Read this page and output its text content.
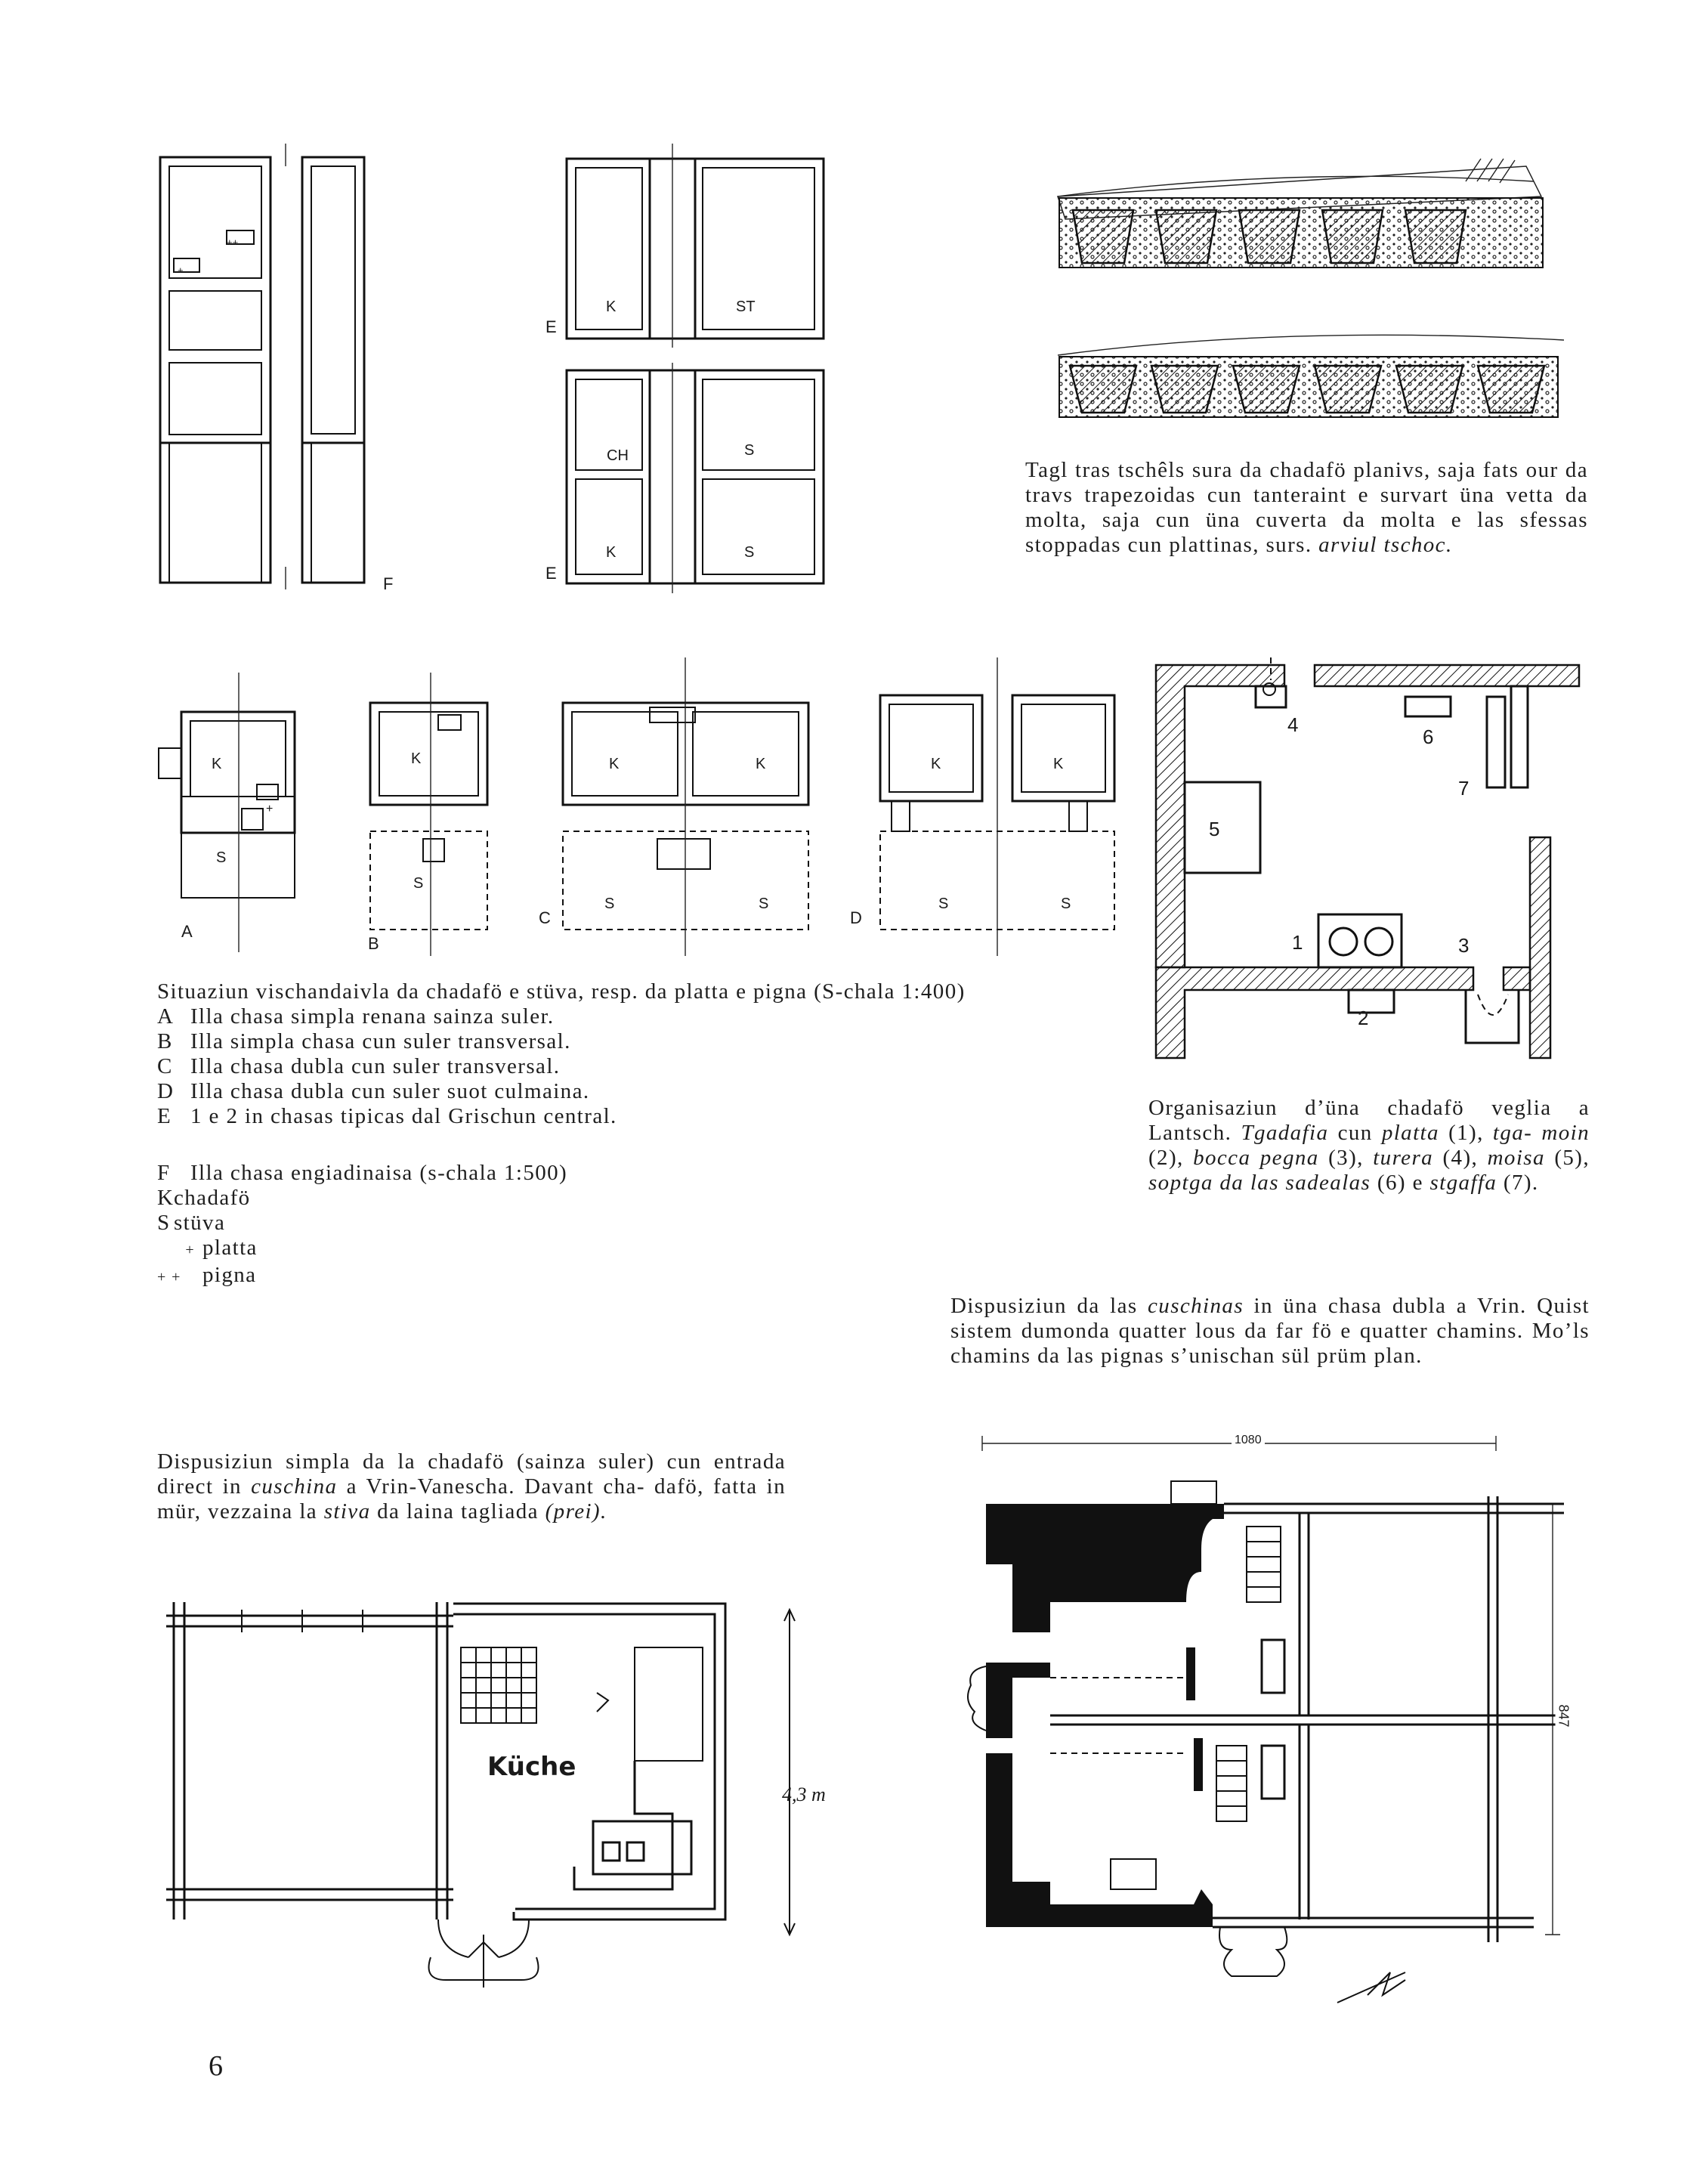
++
+
F
E
E
K	ST
CH	S
K	S
Tagl tras tschêls sura da chadafö planivs, saja fats our da travs trapezoidas cun tanteraint e survart üna vetta da molta, saja cun üna cuverta da molta e las sfessas stoppadas cun plattinas, surs. arviul tschoc.
K
S
K
S
K	K
S	S
K	K
S	S
+
A
B
C	D
4
6
7
5
1	3
2
Situaziun vischandaivla da chadafö e stüva, resp. da platta e pigna (S-chala 1:400)
A Illa chasa simpla renana sainza suler.
B Illa simpla chasa cun suler transversal.
C Illa chasa dubla cun suler transversal.
D Illa chasa dubla cun suler suot culmaina.
E 1 e 2 in chasas tipicas dal Grischun central.
F Illa chasa engiadinaisa (s-chala 1:500)
Kchadafö
S stüva
+ platta
+ + pigna
Organisaziun d’üna chadafö veglia a Lantsch. Tgadafia cun platta (1), tga- moin (2), bocca pegna (3), turera (4), moisa (5), soptga da las sadealas (6) e stgaffa (7).
Dispusiziun da las cuschinas in üna chasa dubla a Vrin. Quist sistem dumonda quatter lous da far fö e quatter chamins. Mo’ls chamins da las pignas s’unischan sül prüm plan.
Dispusiziun simpla da la chadafö (sainza suler) cun entrada direct in cuschina a Vrin-Vanescha. Davant cha- dafö, fatta in mür, vezzaina la stiva da laina tagliada (prei).
Küche
4,3 m
1080
847
6
